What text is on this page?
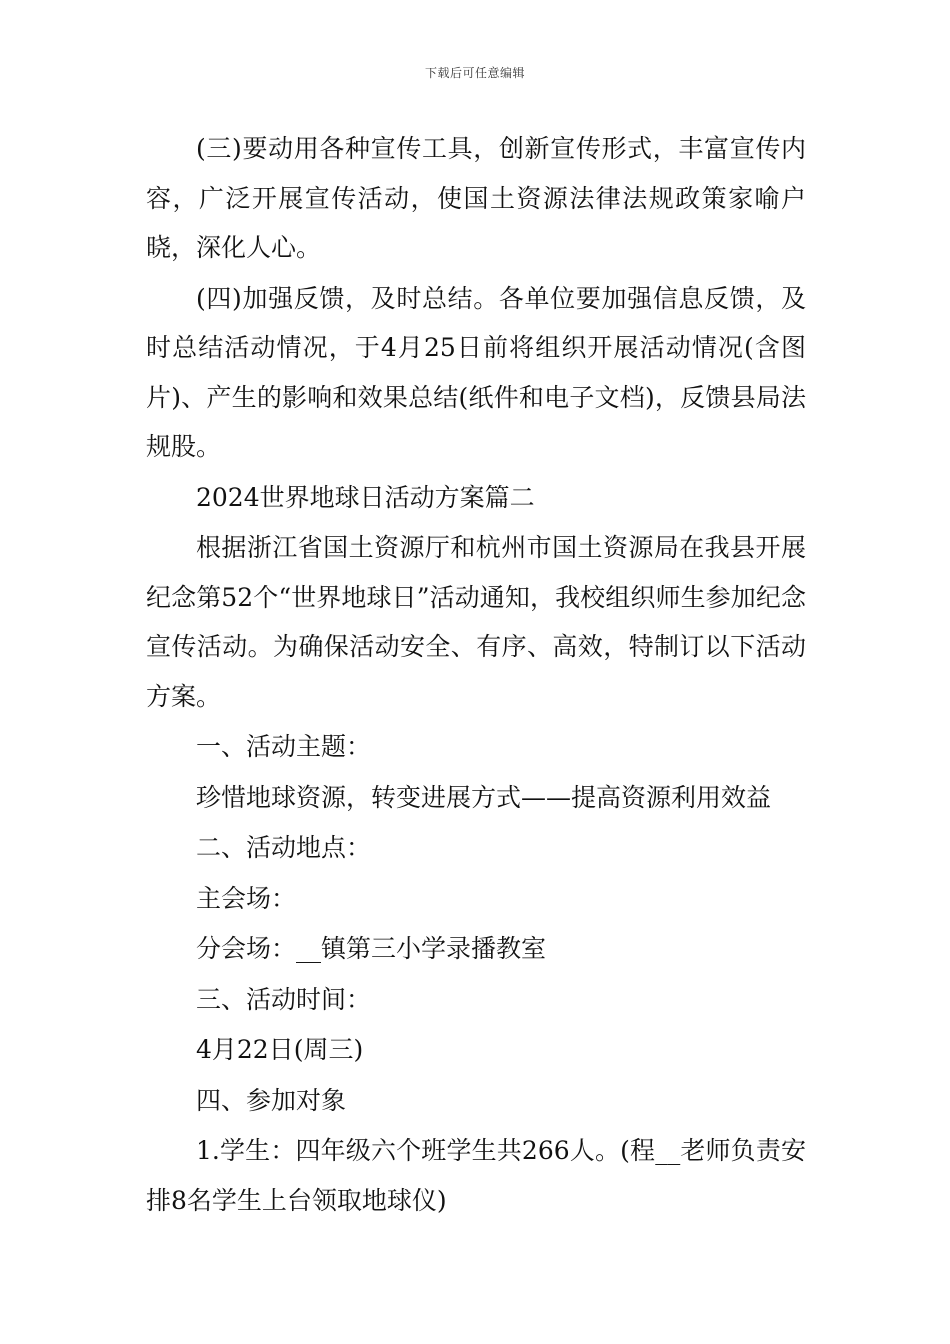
下载后可任意编辑

(三)要动用各种宣传工具，创新宣传形式，丰富宣传内容，广泛开展宣传活动，使国土资源法律法规政策家喻户晓，深化人心。

(四)加强反馈，及时总结。各单位要加强信息反馈，及时总结活动情况，于4月25日前将组织开展活动情况(含图片)、产生的影响和效果总结(纸件和电子文档)，反馈县局法规股。

2024世界地球日活动方案篇二

根据浙江省国土资源厅和杭州市国土资源局在我县开展纪念第52个“世界地球日”活动通知，我校组织师生参加纪念宣传活动。为确保活动安全、有序、高效，特制订以下活动方案。

一、活动主题：

珍惜地球资源，转变进展方式——提高资源利用效益

二、活动地点：

主会场：

分会场：__镇第三小学录播教室

三、活动时间：

4月22日(周三)

四、参加对象

1.学生：四年级六个班学生共266人。(程__老师负责安排8名学生上台领取地球仪)
